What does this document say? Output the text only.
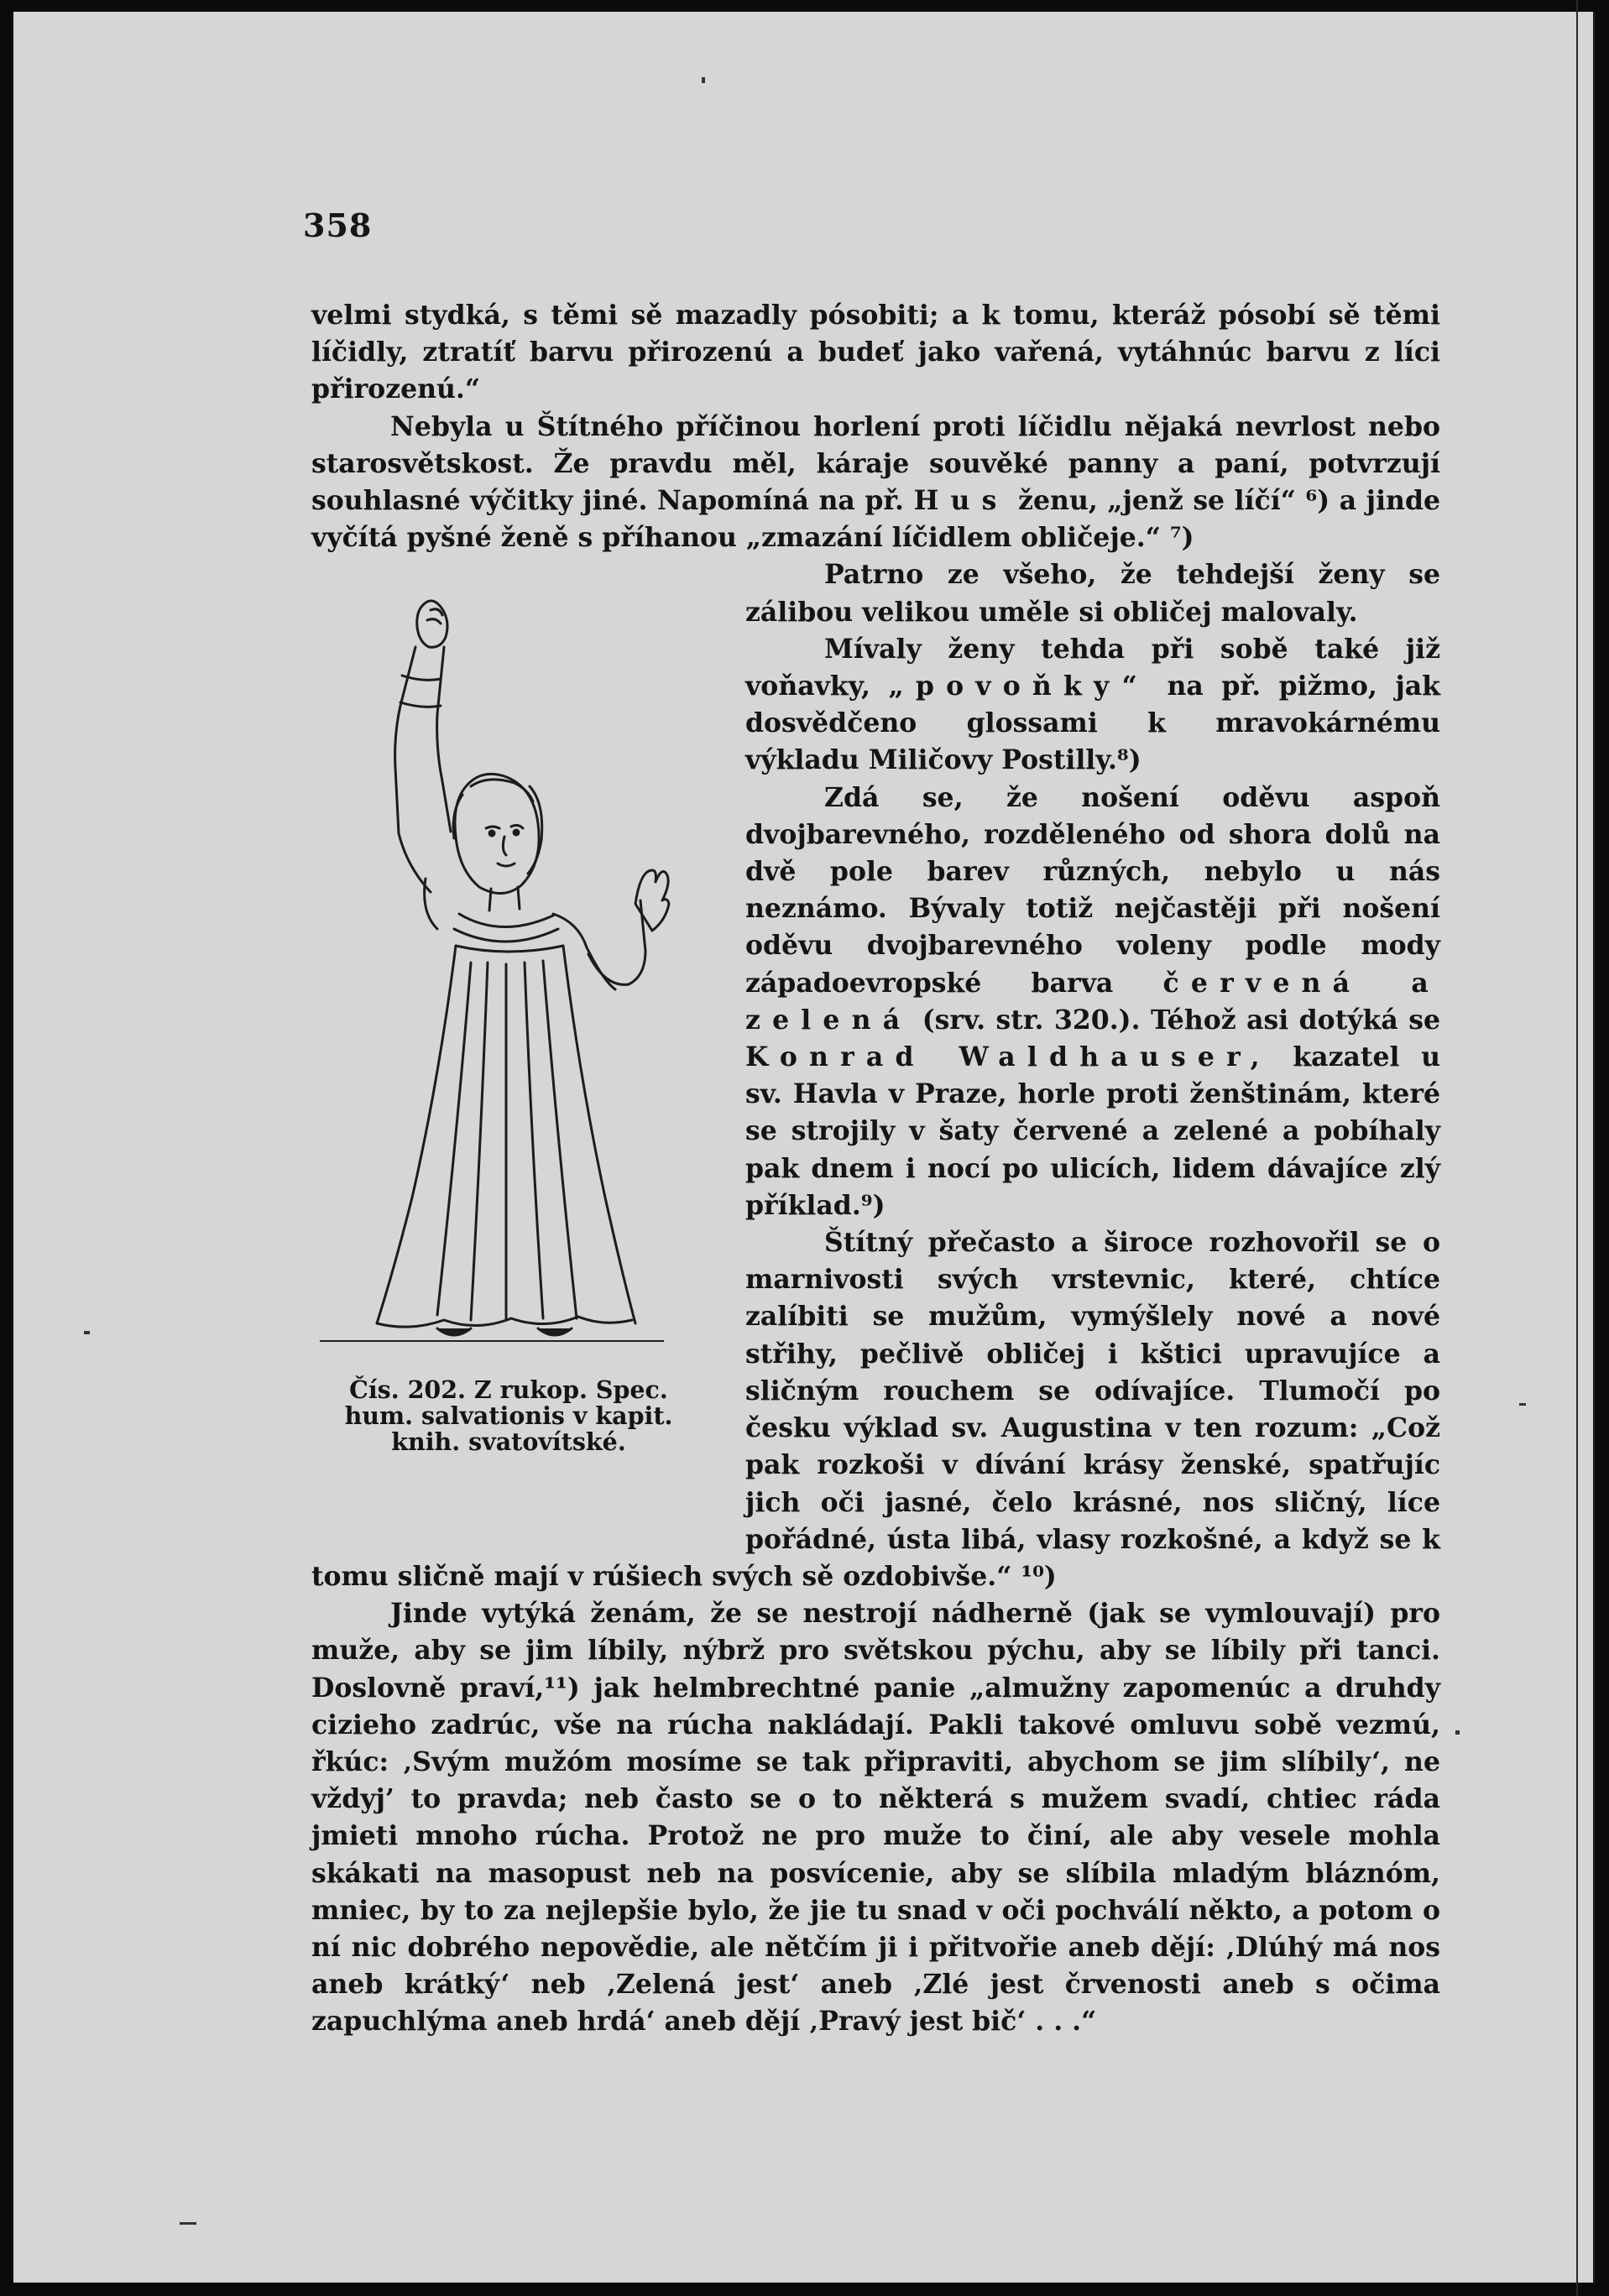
358

velmi stydká, s těmi sě mazadly pósobiti; a k tomu, kteráž pósobí sě těmi líčidly, ztratíť barvu přirozenú a budeť jako vařená, vytáhnúc barvu z líci přirozenú.“

Nebyla u Štítného příčinou horlení proti líčidlu nějaká nevrlost nebo starosvětskost. Že pravdu měl, káraje souvěké panny a paní, potvrzují souhlasné výčitky jiné. Napomíná na př. Hus ženu, „jenž se líčí“ ⁶) a jinde vyčítá pyšné ženě s příhanou „zmazání líčidlem obličeje.“ ⁷)

Čís. 202. Z rukop. Spec.
hum. salvationis v kapit.
knih. svatovítské.

Patrno ze všeho, že tehdejší ženy se zálibou velikou uměle si obličej malovaly.

Mívaly ženy tehda při sobě také již voňavky, „povoňky“ na př. pižmo, jak dosvědčeno glossami k mravokárnému výkladu Miličovy Postilly.⁸)

Zdá se, že nošení oděvu aspoň dvojbarevného, rozděleného od shora dolů na dvě pole barev různých, nebylo u nás neznámo. Bývaly totiž nejčastěji při nošení oděvu dvojbarevného voleny podle mody západoevropské barva červená a zelená (srv. str. 320.). Téhož asi dotýká se Konrad Waldhauser, kazatel u sv. Havla v Praze, horle proti ženštinám, které se strojily v šaty červené a zelené a pobíhaly pak dnem i nocí po ulicích, lidem dávajíce zlý příklad.⁹)

Štítný přečasto a široce rozhovořil se o marnivosti svých vrstevnic, které, chtíce zalíbiti se mužům, vymýšlely nové a nové střihy, pečlivě obličej i kštici upravujíce a sličným rouchem se odívajíce. Tlumočí po česku výklad sv. Augustina v ten rozum: „Což pak rozkoši v dívání krásy ženské, spatřujíc jich oči jasné, čelo krásné, nos sličný, líce pořádné, ústa libá, vlasy rozkošné, a když se k tomu sličně mají v rúšiech svých sě ozdobivše.“ ¹⁰)

Jinde vytýká ženám, že se nestrojí nádherně (jak se vymlouvají) pro muže, aby se jim líbily, nýbrž pro světskou pýchu, aby se líbily při tanci. Doslovně praví,¹¹) jak helmbrechtné panie „almužny zapomenúc a druhdy cizieho zadrúc, vše na rúcha nakládají. Pakli takové omluvu sobě vezmú, řkúc: ‚Svým mužóm mosíme se tak připraviti, abychom se jim slíbily‘, ne vždyj’ to pravda; neb často se o to některá s mužem svadí, chtiec ráda jmieti mnoho rúcha. Protož ne pro muže to činí, ale aby vesele mohla skákati na masopust neb na posvícenie, aby se slíbila mladým bláznóm, mniec, by to za nejlepšie bylo, že jie tu snad v oči pochválí někto, a potom o ní nic dobrého nepovědie, ale nětčím ji i přitvořie aneb dějí: ‚Dlúhý má nos aneb krátký‘ neb ‚Zelená jest‘ aneb ‚Zlé jest črvenosti aneb s očima zapuchlýma aneb hrdá‘ aneb dějí ‚Pravý jest bič‘ . . .“
